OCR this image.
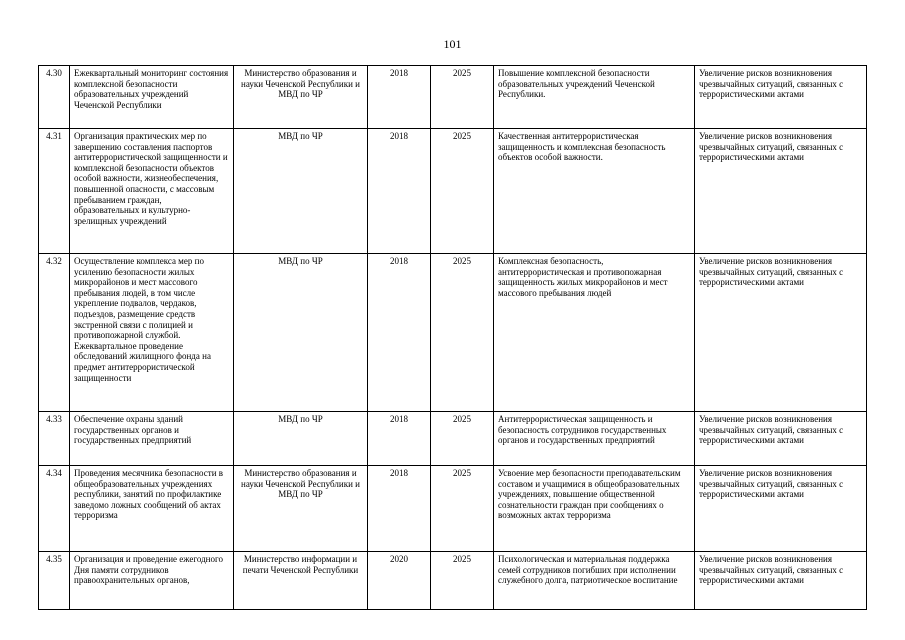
101
4.30	Ежеквартальный мониторинг состояния комплексной безопасности образовательных учреждений Чеченской Республики	Министерство образования и науки Чеченской Республики и МВД по ЧР	2018	2025	Повышение комплексной безопасности образовательных учреждений Чеченской Республики.	Увеличение рисков возникновения чрезвычайных ситуаций, связанных с террористическими актами

4.31	Организация практических мер по завершению составления паспортов антитеррористической защищенности и комплексной безопасности объектов особой важности, жизнеобеспечения, повышенной опасности, с массовым пребыванием граждан, образовательных и культурно-зрелищных учреждений	МВД по ЧР	2018	2025	Качественная антитеррористическая защищенность и комплексная безопасность объектов особой важности.	Увеличение рисков возникновения чрезвычайных ситуаций, связанных с террористическими актами

4.32	Осуществление комплекса мер по усилению безопасности жилых микрорайонов и мест массового пребывания людей, в том числе укрепление подвалов, чердаков, подъездов, размещение средств экстренной связи с полицией и противопожарной службой. Ежеквартальное проведение обследований жилищного фонда на предмет антитеррористической защищенности	МВД по ЧР	2018	2025	Комплексная безопасность, антитеррористическая и противопожарная защищенность жилых микрорайонов и мест массового пребывания людей	Увеличение рисков возникновения чрезвычайных ситуаций, связанных с террористическими актами

4.33	Обеспечение охраны зданий государственных органов и государственных предприятий	МВД по ЧР	2018	2025	Антитеррористическая защищенность и безопасность сотрудников государственных органов и государственных предприятий	Увеличение рисков возникновения чрезвычайных ситуаций, связанных с террористическими актами

4.34	Проведения месячника безопасности в общеобразовательных учреждениях республики, занятий по профилактике заведомо ложных сообщений об актах терроризма	Министерство образования и науки Чеченской Республики и МВД по ЧР	2018	2025	Усвоение мер безопасности преподавательским составом и учащимися в общеобразовательных учреждениях, повышение общественной сознательности граждан при сообщениях о возможных актах терроризма	Увеличение рисков возникновения чрезвычайных ситуаций, связанных с террористическими актами

4.35	Организация и проведение ежегодного Дня памяти сотрудников правоохранительных органов,	Министерство информации и печати Чеченской Республики	2020	2025	Психологическая и материальная поддержка семей сотрудников погибших при исполнении служебного долга, патриотическое воспитание	Увеличение рисков возникновения чрезвычайных ситуаций, связанных с террористическими актами
